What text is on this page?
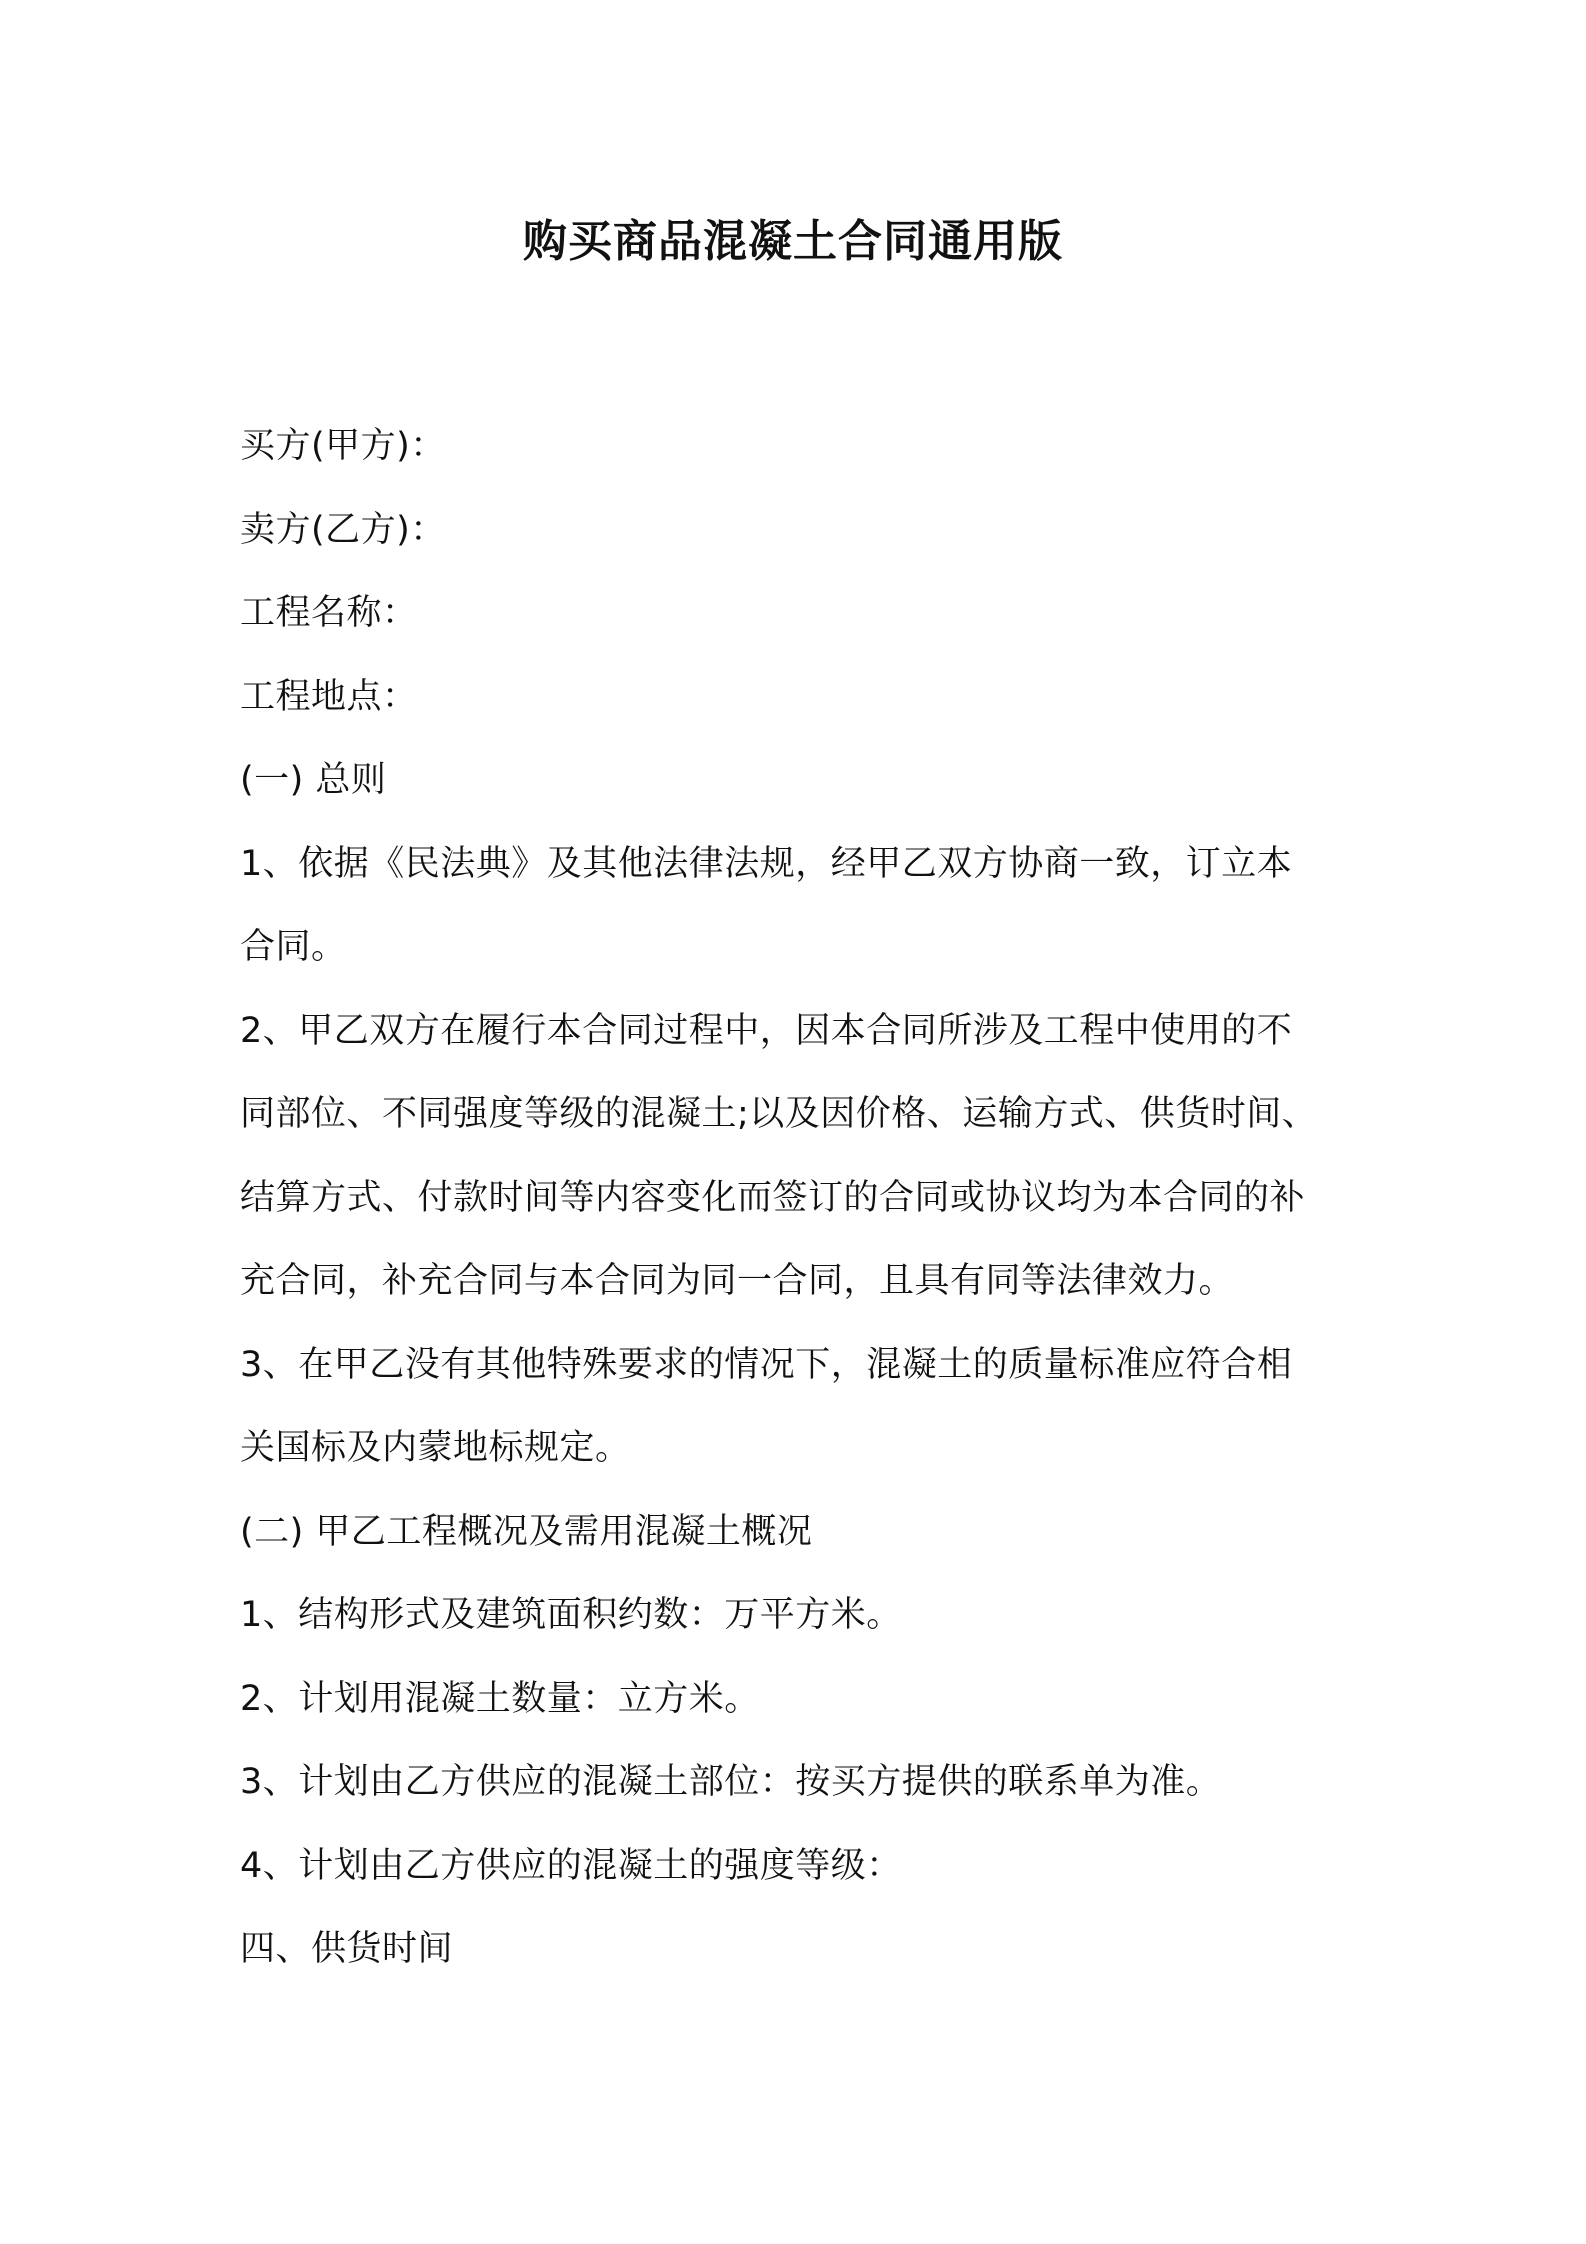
购买商品混凝土合同通用版

买方(甲方)：

卖方(乙方)：

工程名称：

工程地点：

(一) 总则

1、依据《民法典》及其他法律法规，经甲乙双方协商一致，订立本

合同。

2、甲乙双方在履行本合同过程中，因本合同所涉及工程中使用的不

同部位、不同强度等级的混凝土;以及因价格、运输方式、供货时间、

结算方式、付款时间等内容变化而签订的合同或协议均为本合同的补

充合同，补充合同与本合同为同一合同，且具有同等法律效力。

3、在甲乙没有其他特殊要求的情况下，混凝土的质量标准应符合相

关国标及内蒙地标规定。

(二) 甲乙工程概况及需用混凝土概况

1、结构形式及建筑面积约数：万平方米。

2、计划用混凝土数量：立方米。

3、计划由乙方供应的混凝土部位：按买方提供的联系单为准。

4、计划由乙方供应的混凝土的强度等级：

四、供货时间
